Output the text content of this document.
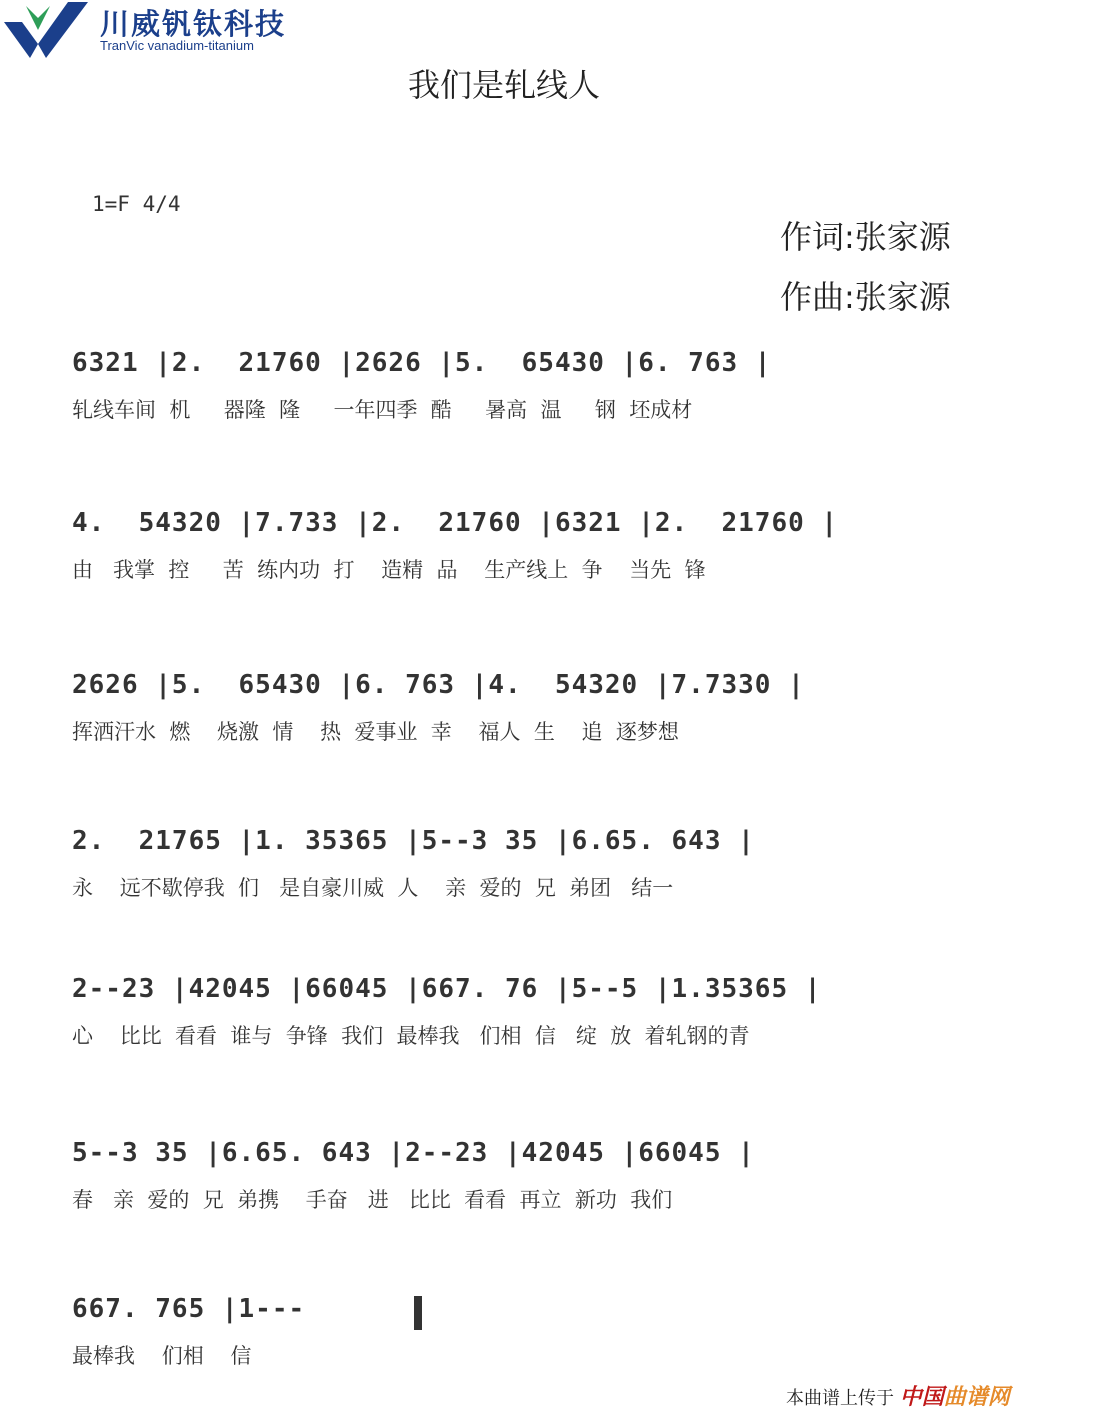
川威钒钛科技
TranVic vanadium-titanium
我们是轧线人
1=F 4/4
作词:张家源
作曲:张家源
6321 |2.  21760 |2626 |5.  65430 |6. 763 |
轧线车间  机     器隆  隆     一年四季  酷     暑高  温     钢  坯成材
4.  54320 |7.733 |2.  21760 |6321 |2.  21760 |
由   我掌  控     苦  练内功  打    造精  品    生产线上  争    当先  锋
2626 |5.  65430 |6. 763 |4.  54320 |7.7330 |
挥洒汗水  燃    烧激  情    热  爱事业  幸    福人  生    追  逐梦想
2.  21765 |1. 35365 |5--3 35 |6.65. 643 |
永    远不歇停我  们   是自豪川威  人    亲  爱的  兄  弟团   结一
2--23 |42045 |66045 |667. 76 |5--5 |1.35365 |
心    比比  看看  谁与  争锋  我们  最棒我   们相  信   绽  放  着轧钢的青
5--3 35 |6.65. 643 |2--23 |42045 |66045 |
春   亲  爱的  兄  弟携    手奋   进   比比  看看  再立  新功  我们
667. 765 |1---
最棒我    们相    信
本曲谱上传于 中国曲谱网
